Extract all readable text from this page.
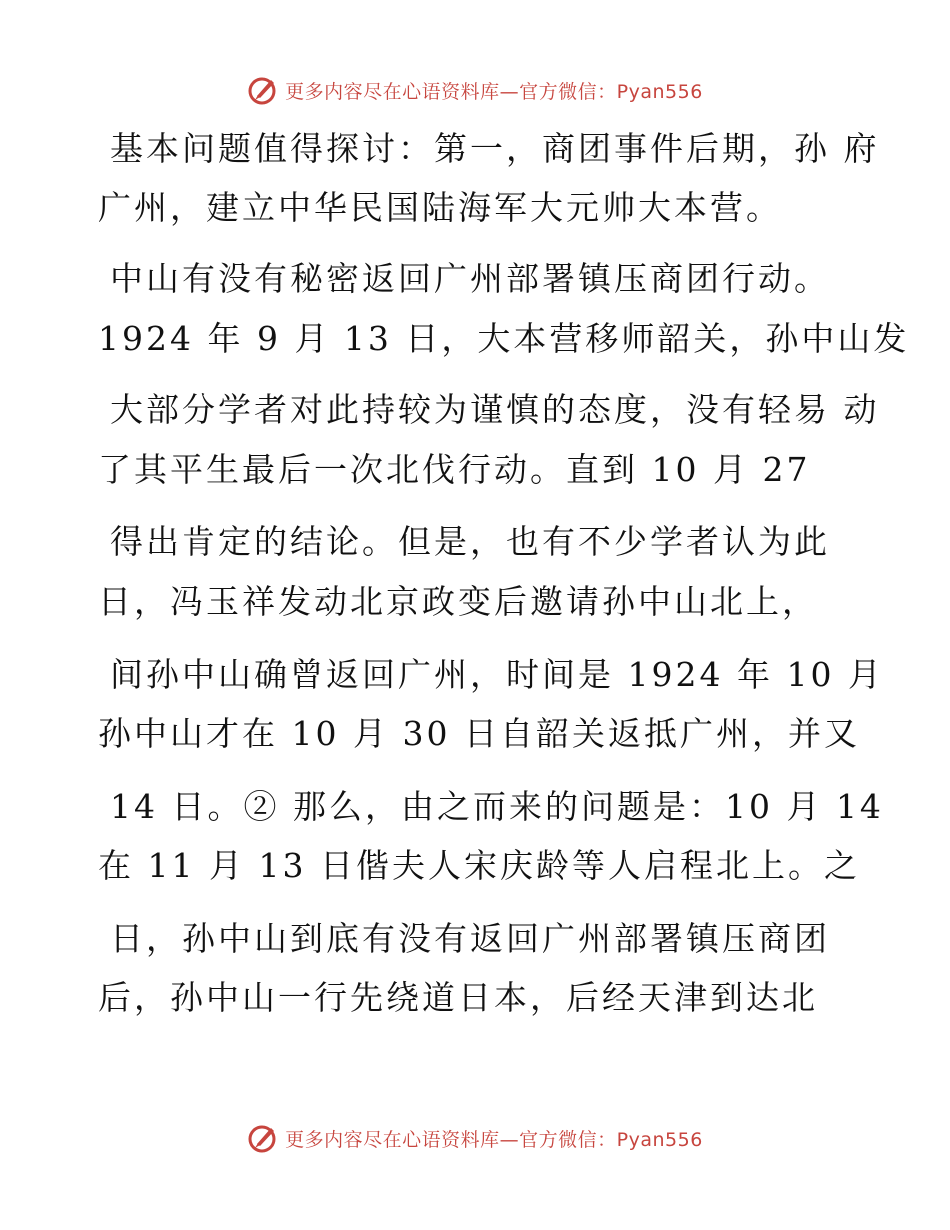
更多内容尽在心语资料库—官方微信：Pyan556
基本问题值得探讨：第一，商团事件后期，孙 府
广州，建立中华民国陆海军大元帅大本营。
中山有没有秘密返回广州部署镇压商团行动。
1924 年 9 月 13 日，大本营移师韶关，孙中山发
大部分学者对此持较为谨慎的态度，没有轻易 动
了其平生最后一次北伐行动。直到 10 月 27
得出肯定的结论。但是，也有不少学者认为此
日，冯玉祥发动北京政变后邀请孙中山北上，
间孙中山确曾返回广州，时间是 1924 年 10 月
孙中山才在 10 月 30 日自韶关返抵广州，并又
14 日。② 那么，由之而来的问题是：10 月 14
在 11 月 13 日偕夫人宋庆龄等人启程北上。之
日，孙中山到底有没有返回广州部署镇压商团
后，孙中山一行先绕道日本，后经天津到达北
更多内容尽在心语资料库—官方微信：Pyan556
